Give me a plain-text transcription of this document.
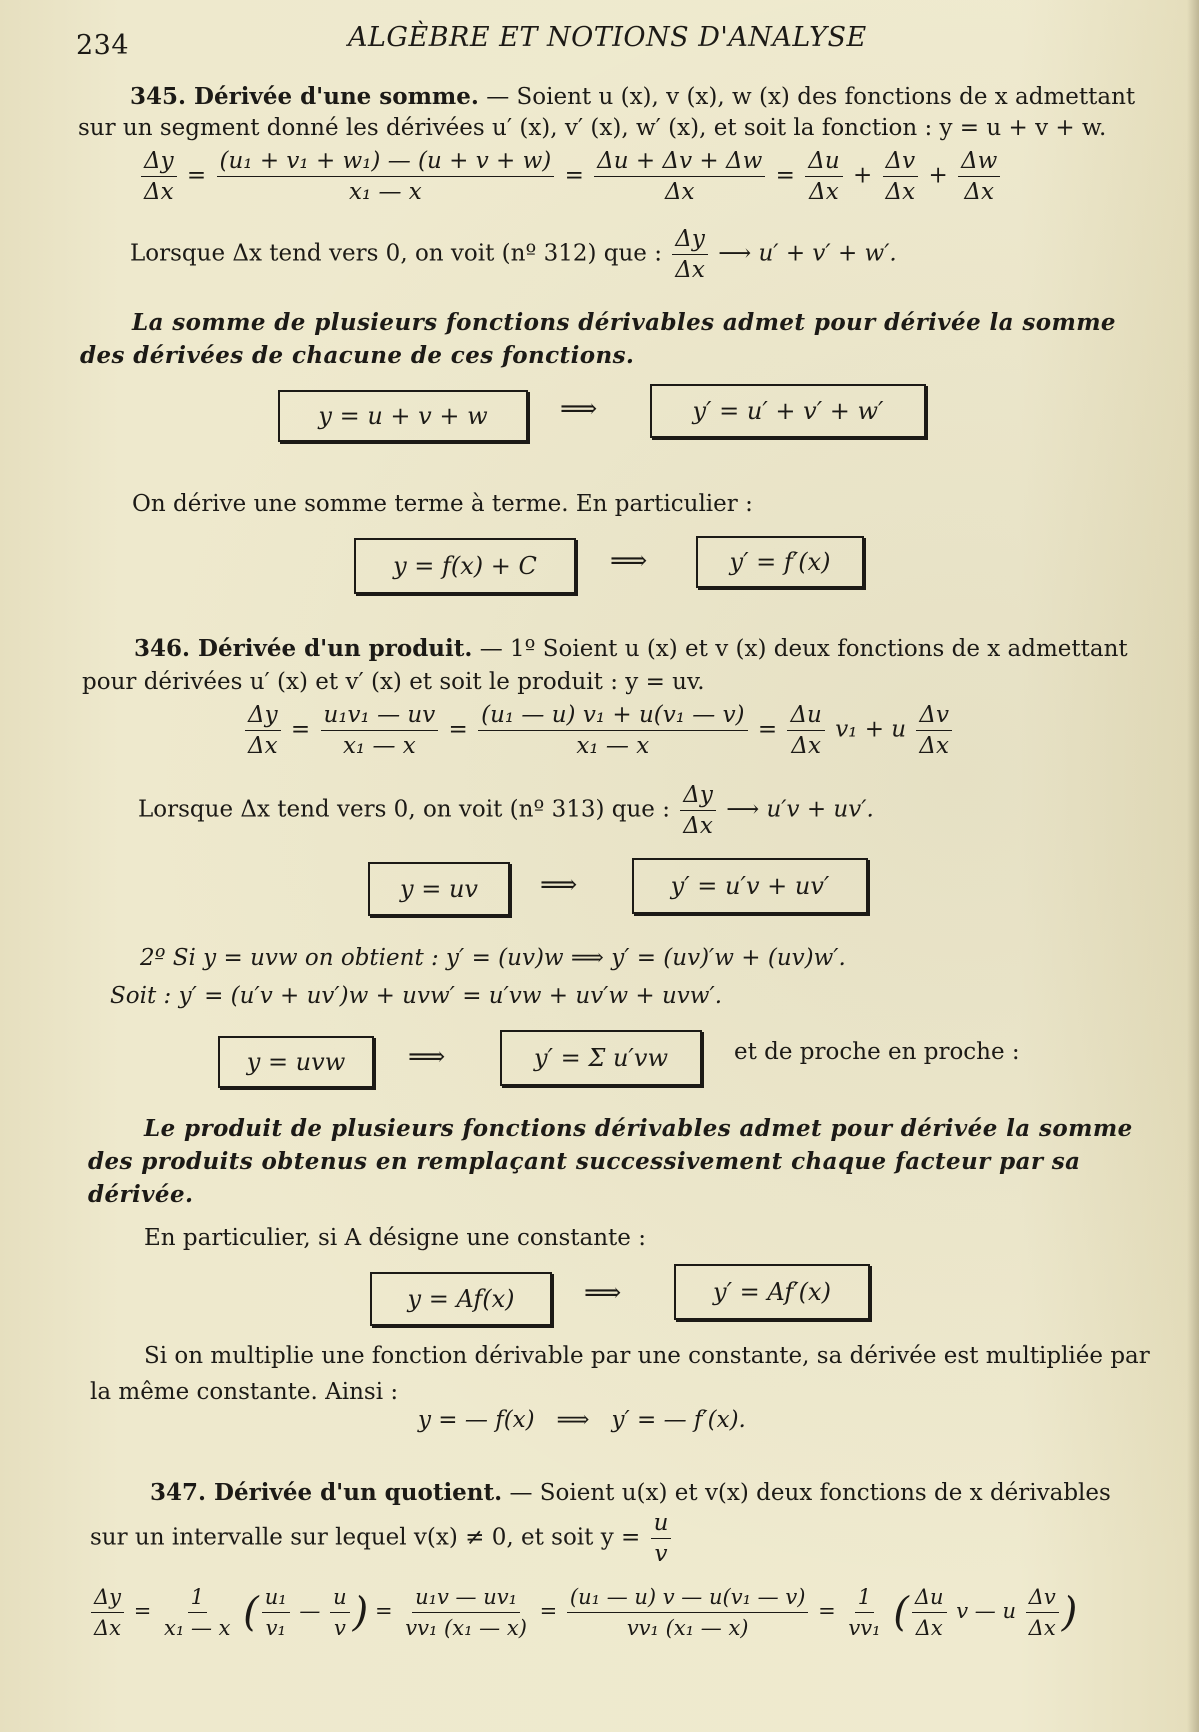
234	ALGÈBRE ET NOTIONS D'ANALYSE
345. Dérivée d'une somme. — Soient u (x), v (x), w (x) des fonctions de x admettant
sur un segment donné les dérivées u′ (x), v′ (x), w′ (x), et soit la fonction : y = u + v + w.
$\frac{\Delta y}{\Delta x} = \frac{\text{(u₁ + v₁ + w₁) — (u + v + w)}}{\text{x₁ — x}} = \frac{\Delta u + \Delta v + \Delta w}{\Delta x} = \frac{\Delta u}{\Delta x} + \frac{\Delta v}{\Delta x} + \frac{\Delta w}{\Delta x}$
Lorsque Δx tend vers 0, on voit (nº 312) que : $\frac{\Delta y}{\Delta x}$ ⟶ u′ + v′ + w′.
La somme de plusieurs fonctions dérivables admet pour dérivée la somme des dérivées de chacune de ces fonctions.
y = u + v + w	⟹	y′ = u′ + v′ + w′
On dérive une somme terme à terme. En particulier :
y = f(x) + C	⟹	y′ = f′(x)
346. Dérivée d'un produit. — 1º Soient u (x) et v (x) deux fonctions de x admettant
pour dérivées u′ (x) et v′ (x) et soit le produit : y = uv.
$\frac{\Delta y}{\Delta x} = \frac{\text{u₁v₁ — uv}}{\text{x₁ — x}} = \frac{\text{(u₁ — u) v₁ + u(v₁ — v)}}{\text{x₁ — x}} = \frac{\Delta u}{\Delta x} v_1 + u \frac{\Delta v}{\Delta x}$
Lorsque Δx tend vers 0, on voit (nº 313) que : $\frac{\Delta y}{\Delta x}$ ⟶ u′v + uv′.
y = uv	⟹	y′ = u′v + uv′
2º Si y = uvw on obtient : y′ = (uv)w ⟹ y′ = (uv)′w + (uv)w′.
Soit : y′ = (u′v + uv′)w + uvw′ = u′vw + uv′w + uvw′.
y = uvw	⟹	y′ = Σ u′vw	et de proche en proche :
Le produit de plusieurs fonctions dérivables admet pour dérivée la somme des produits obtenus en remplaçant successivement chaque facteur par sa dérivée.
En particulier, si A désigne une constante :
y = Af(x)	⟹	y′ = Af′(x)
Si on multiplie une fonction dérivable par une constante, sa dérivée est multipliée par
la même constante. Ainsi :
y = — f(x)   ⟹   y′ = — f′(x).
347. Dérivée d'un quotient. — Soient u(x) et v(x) deux fonctions de x dérivables
sur un intervalle sur lequel v(x) ≠ 0, et soit $y = \frac{u}{v}$
$\frac{\Delta y}{\Delta x} = \frac{1}{\text{x₁ — x}}$ ( $\frac{\text{u₁}}{\text{v₁}}$ — $\frac{u}{v}$ ) = $\frac{\text{u₁v — uv₁}}{\text{vv₁ (x₁ — x)}} = \frac{\text{(u₁ — u) v — u(v₁ — v)}}{\text{vv₁ (x₁ — x)}} = \frac{1}{\text{vv₁}}$ ( $\frac{\Delta u}{\Delta x}$ v — u $\frac{\Delta v}{\Delta x}$ )
